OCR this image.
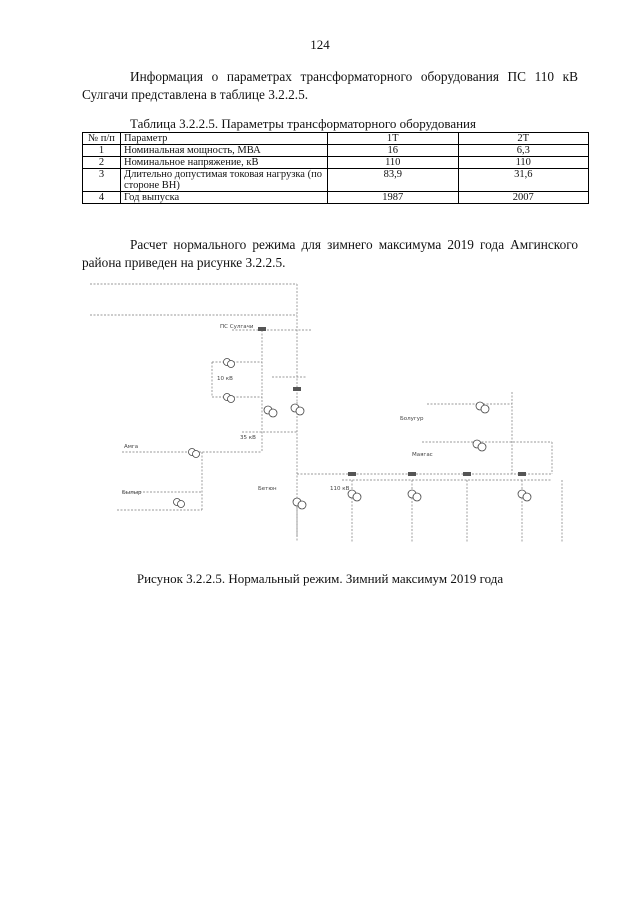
124

Информация о параметрах трансформаторного оборудования ПС 110 кВ Сулгачи представлена в таблице 3.2.2.5.

Таблица 3.2.2.5. Параметры трансформаторного оборудования
№ п/п	Параметр	1Т	2Т
1	Номинальная мощность, МВА	16	6,3
2	Номинальное напряжение, кВ	110	110
3	Длительно допустимая токовая нагрузка (по стороне ВН)	83,9	31,6
4	Год выпуска	1987	2007

Расчет нормального режима для зимнего максимума 2019 года Амгинского района приведен на рисунке 3.2.2.5.

ПС Сулгачи
35 кВ
10 кВ
Амга
Былыр
Бетюн
Болугур
Маягас
110 кВ
Рисунок 3.2.2.5. Нормальный режим. Зимний максимум 2019 года
